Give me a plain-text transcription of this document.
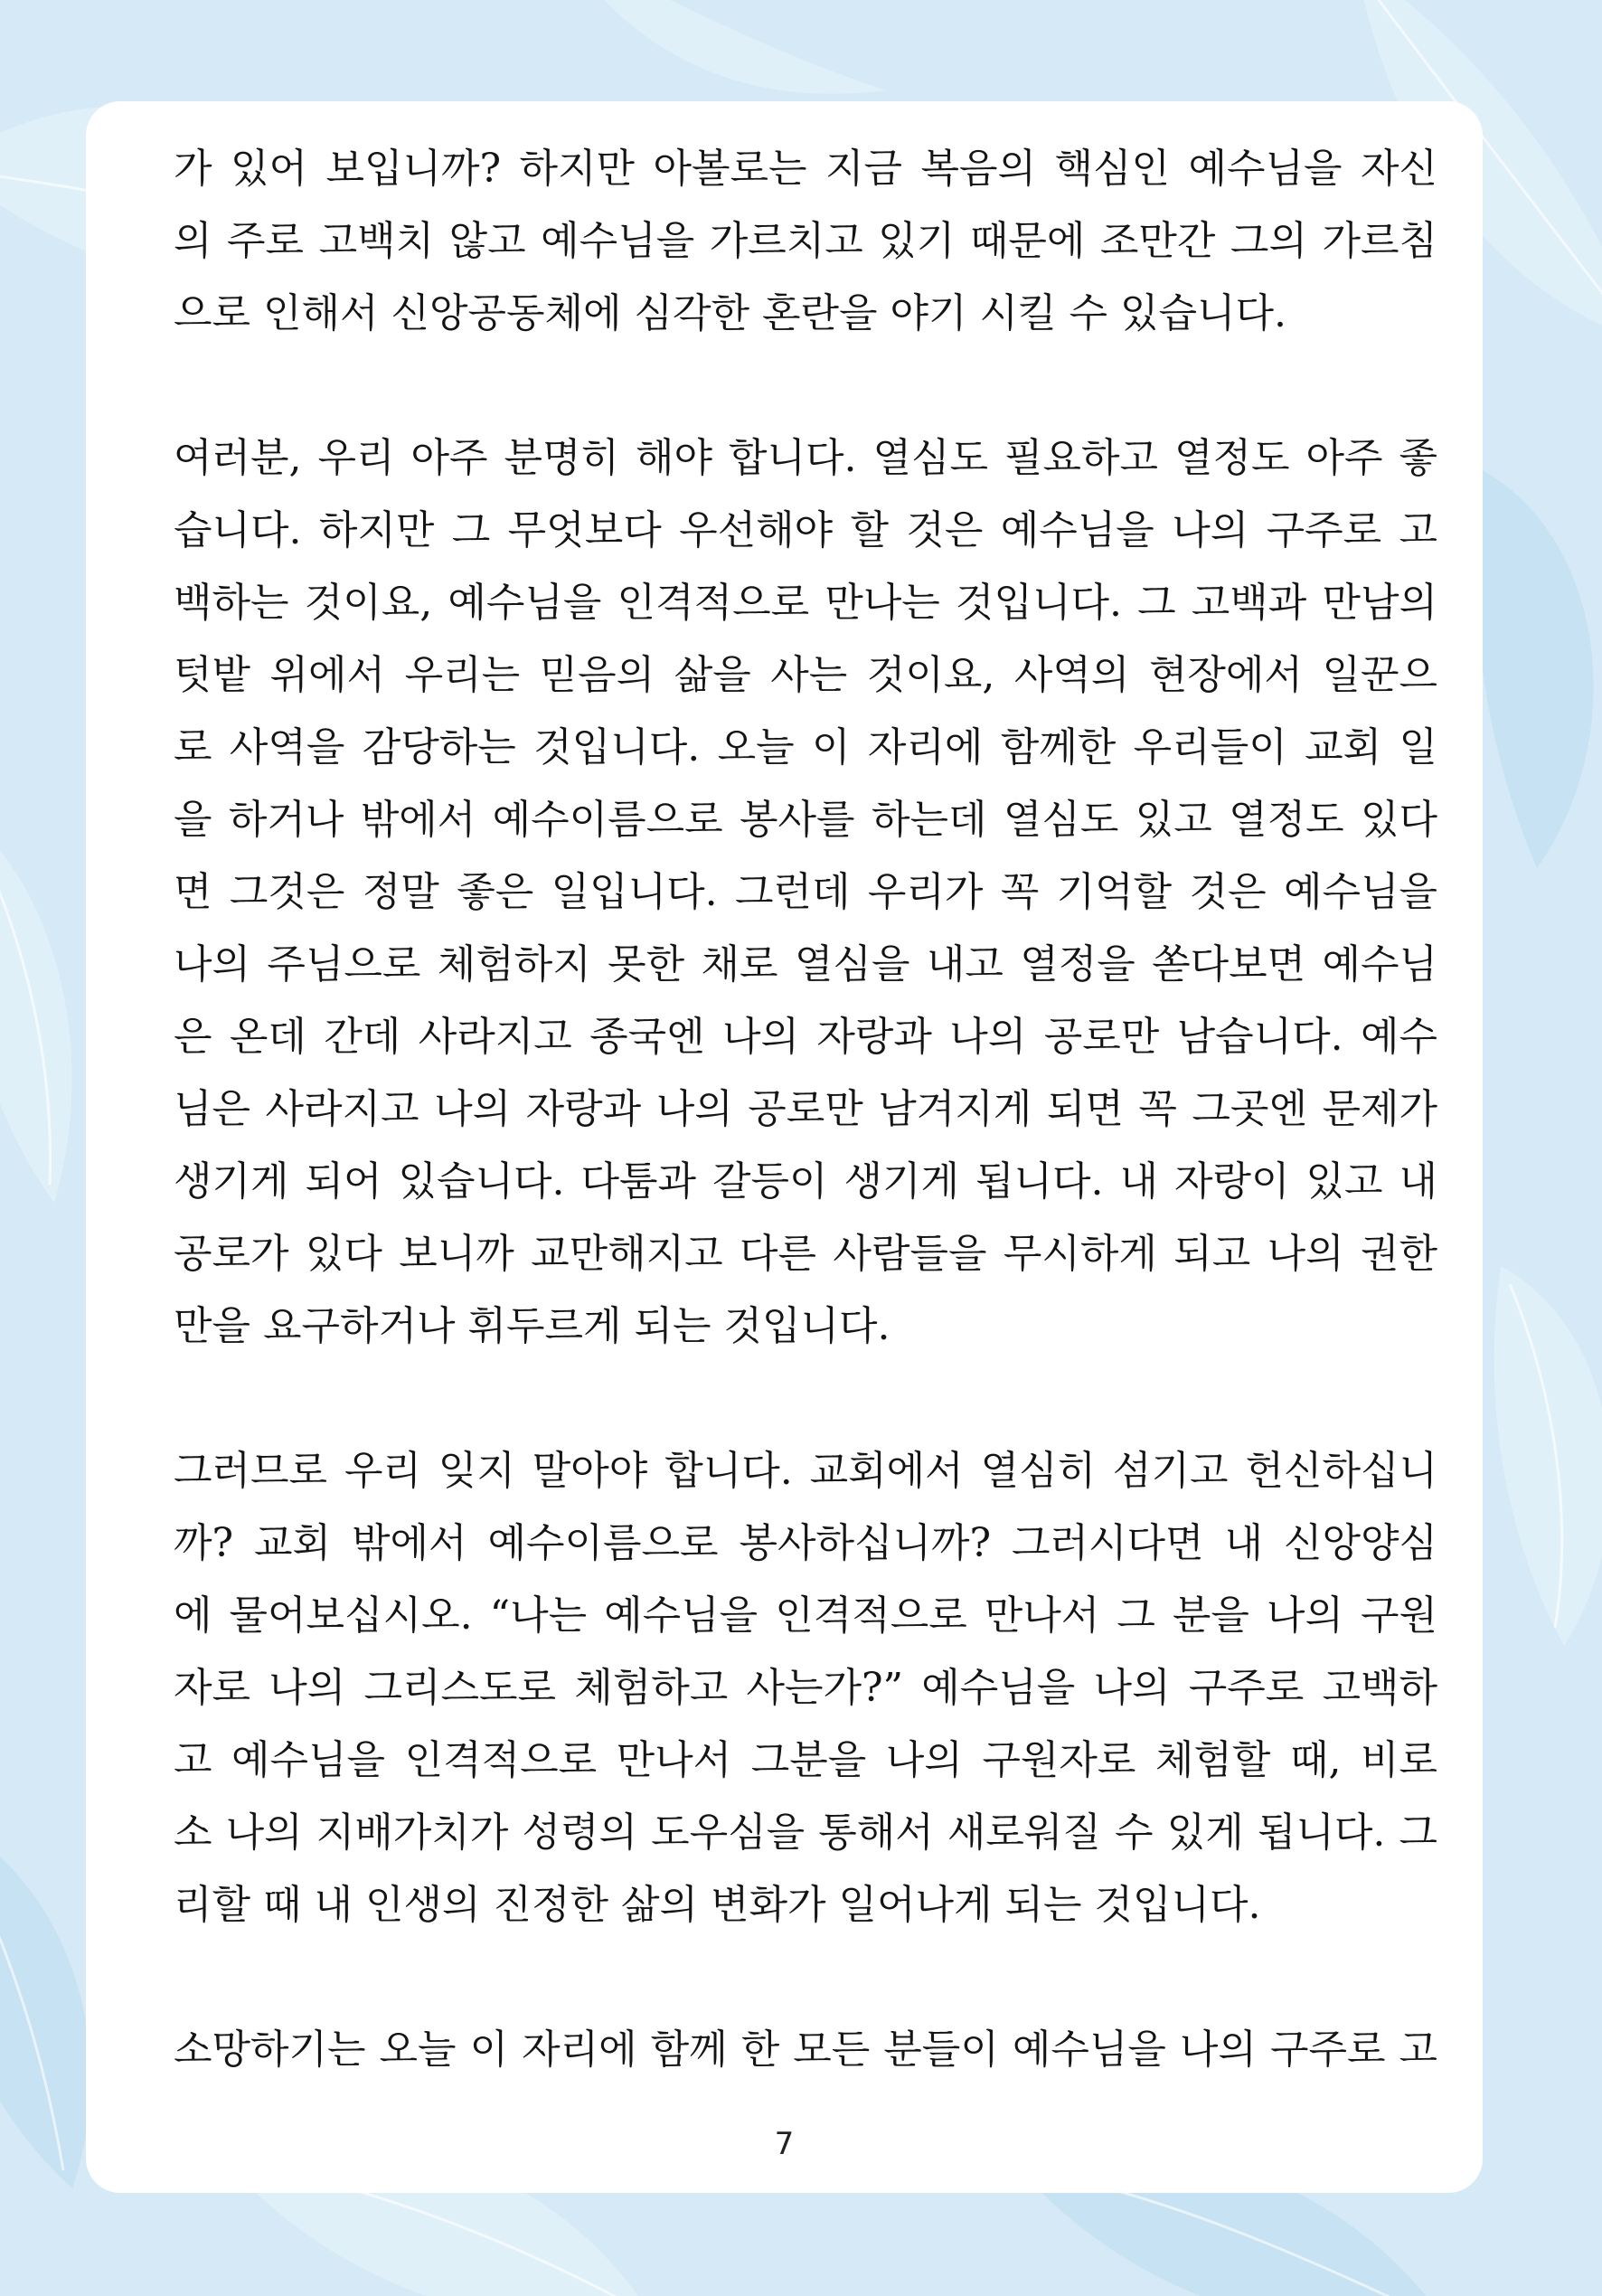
가 있어 보입니까? 하지만 아볼로는 지금 복음의 핵심인 예수님을 자신
의 주로 고백치 않고 예수님을 가르치고 있기 때문에 조만간 그의 가르침
으로 인해서 신앙공동체에 심각한 혼란을 야기 시킬 수 있습니다.
여러분, 우리 아주 분명히 해야 합니다. 열심도 필요하고 열정도 아주 좋
습니다. 하지만 그 무엇보다 우선해야 할 것은 예수님을 나의 구주로 고
백하는 것이요, 예수님을 인격적으로 만나는 것입니다. 그 고백과 만남의
텃밭 위에서 우리는 믿음의 삶을 사는 것이요, 사역의 현장에서 일꾼으
로 사역을 감당하는 것입니다. 오늘 이 자리에 함께한 우리들이 교회 일
을 하거나 밖에서 예수이름으로 봉사를 하는데 열심도 있고 열정도 있다
면 그것은 정말 좋은 일입니다. 그런데 우리가 꼭 기억할 것은 예수님을
나의 주님으로 체험하지 못한 채로 열심을 내고 열정을 쏟다보면 예수님
은 온데 간데 사라지고 종국엔 나의 자랑과 나의 공로만 남습니다. 예수
님은 사라지고 나의 자랑과 나의 공로만 남겨지게 되면 꼭 그곳엔 문제가
생기게 되어 있습니다. 다툼과 갈등이 생기게 됩니다. 내 자랑이 있고 내
공로가 있다 보니까 교만해지고 다른 사람들을 무시하게 되고 나의 권한
만을 요구하거나 휘두르게 되는 것입니다.
그러므로 우리 잊지 말아야 합니다. 교회에서 열심히 섬기고 헌신하십니
까? 교회 밖에서 예수이름으로 봉사하십니까? 그러시다면 내 신앙양심
에 물어보십시오. “나는 예수님을 인격적으로 만나서 그 분을 나의 구원
자로 나의 그리스도로 체험하고 사는가?” 예수님을 나의 구주로 고백하
고 예수님을 인격적으로 만나서 그분을 나의 구원자로 체험할 때, 비로
소 나의 지배가치가 성령의 도우심을 통해서 새로워질 수 있게 됩니다. 그
리할 때 내 인생의 진정한 삶의 변화가 일어나게 되는 것입니다.
소망하기는 오늘 이 자리에 함께 한 모든 분들이 예수님을 나의 구주로 고
7
